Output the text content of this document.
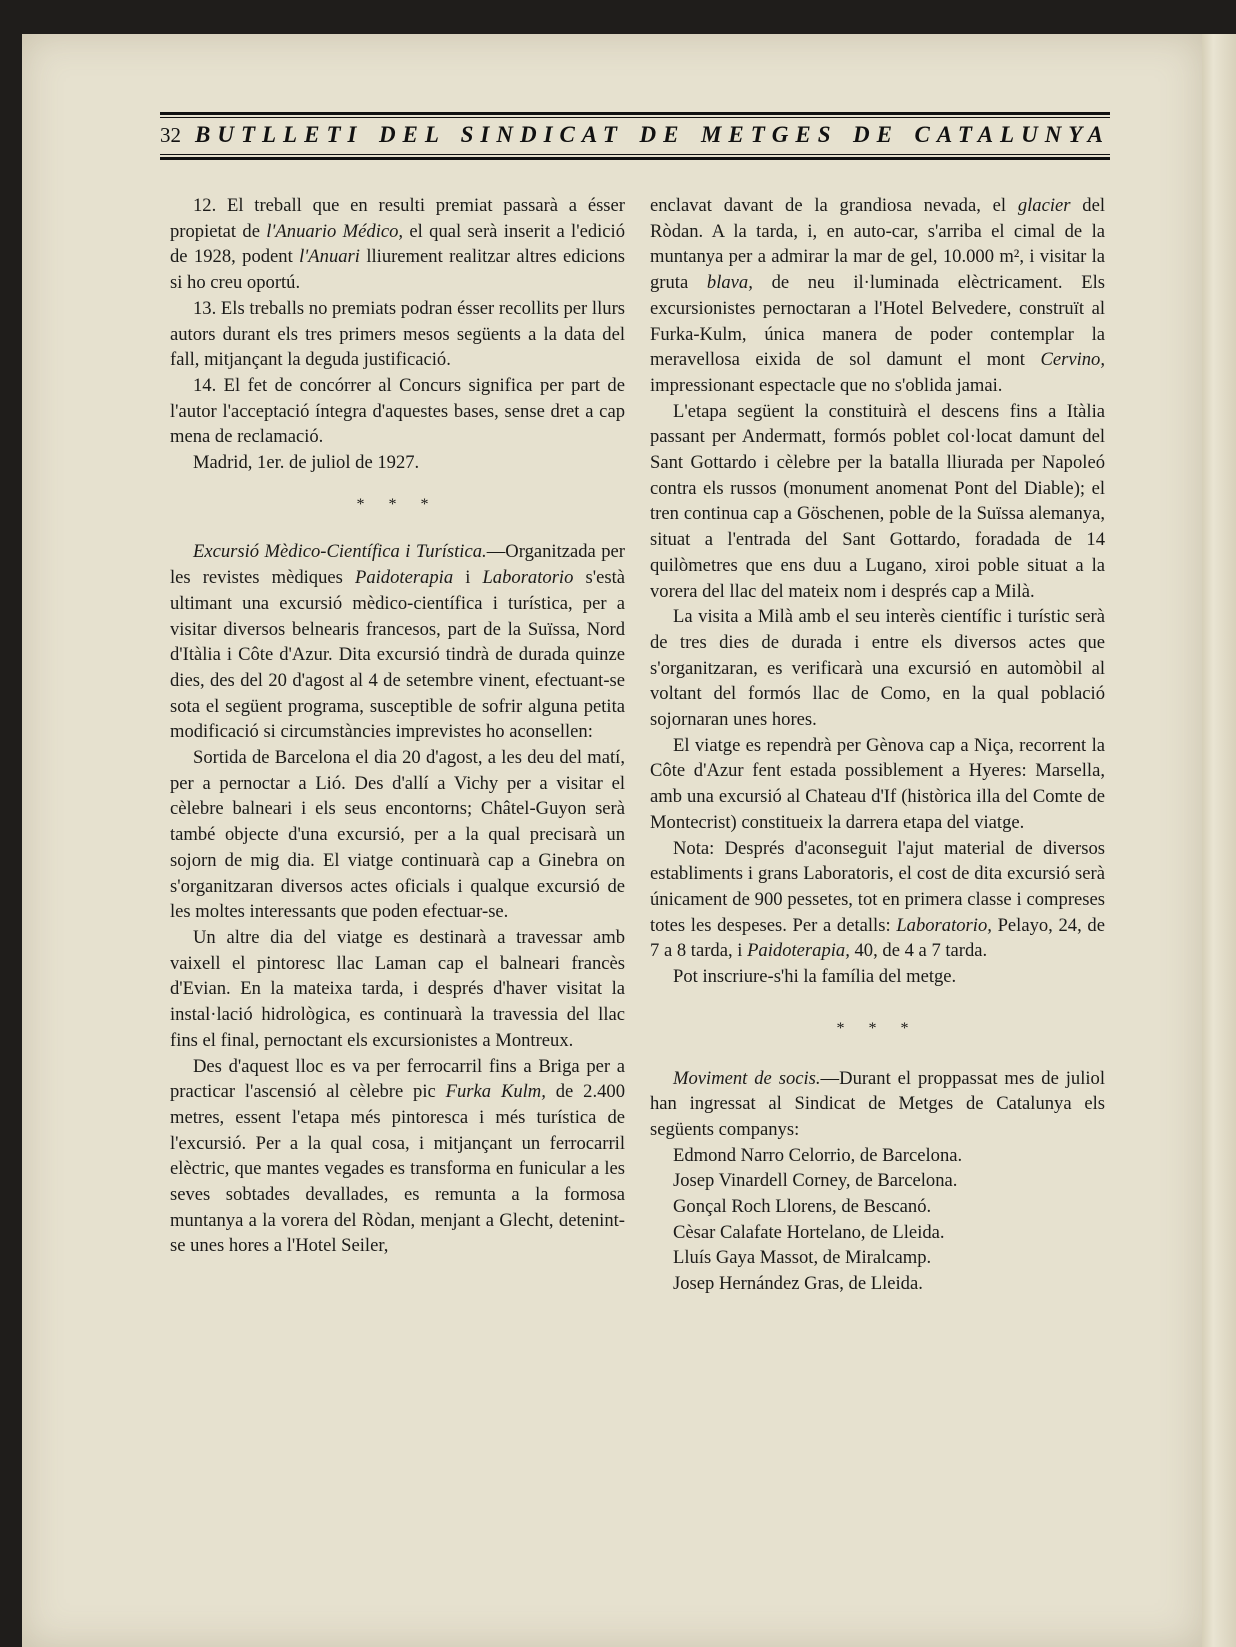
32 BUTLLETI DEL SINDICAT DE METGES DE CATALUNYA

12. El treball que en resulti premiat passarà a ésser propietat de l'Anuario Médico, el qual serà inserit a l'edició de 1928, podent l'Anuari lliurement realitzar altres edicions si ho creu oportú.

13. Els treballs no premiats podran ésser recollits per llurs autors durant els tres primers mesos següents a la data del fall, mitjançant la deguda justificació.

14. El fet de concórrer al Concurs significa per part de l'autor l'acceptació íntegra d'aquestes bases, sense dret a cap mena de reclamació.

Madrid, 1er. de juliol de 1927.

* * *

Excursió Mèdico-Científica i Turística.—Organitzada per les revistes mèdiques Paidoterapia i Laboratorio s'està ultimant una excursió mèdico-científica i turística, per a visitar diversos belnearis francesos, part de la Suïssa, Nord d'Itàlia i Côte d'Azur. Dita excursió tindrà de durada quinze dies, des del 20 d'agost al 4 de setembre vinent, efectuant-se sota el següent programa, susceptible de sofrir alguna petita modificació si circumstàncies imprevistes ho aconsellen:

Sortida de Barcelona el dia 20 d'agost, a les deu del matí, per a pernoctar a Lió. Des d'allí a Vichy per a visitar el cèlebre balneari i els seus encontorns; Châtel-Guyon serà també objecte d'una excursió, per a la qual precisarà un sojorn de mig dia. El viatge continuarà cap a Ginebra on s'organitzaran diversos actes oficials i qualque excursió de les moltes interessants que poden efectuar-se.

Un altre dia del viatge es destinarà a travessar amb vaixell el pintoresc llac Laman cap el balneari francès d'Evian. En la mateixa tarda, i després d'haver visitat la instal·lació hidrològica, es continuarà la travessia del llac fins el final, pernoctant els excursionistes a Montreux.

Des d'aquest lloc es va per ferrocarril fins a Briga per a practicar l'ascensió al cèlebre pic Furka Kulm, de 2.400 metres, essent l'etapa més pintoresca i més turística de l'excursió. Per a la qual cosa, i mitjançant un ferrocarril elèctric, que mantes vegades es transforma en funicular a les seves sobtades devallades, es remunta a la formosa muntanya a la vorera del Ròdan, menjant a Glecht, detenint-se unes hores a l'Hotel Seiler,

enclavat davant de la grandiosa nevada, el glacier del Ròdan. A la tarda, i, en auto-car, s'arriba el cimal de la muntanya per a admirar la mar de gel, 10.000 m², i visitar la gruta blava, de neu il·luminada elèctricament. Els excursionistes pernoctaran a l'Hotel Belvedere, construït al Furka-Kulm, única manera de poder contemplar la meravellosa eixida de sol damunt el mont Cervino, impressionant espectacle que no s'oblida jamai.

L'etapa següent la constituirà el descens fins a Itàlia passant per Andermatt, formós poblet col·locat damunt del Sant Gottardo i cèlebre per la batalla lliurada per Napoleó contra els russos (monument anomenat Pont del Diable); el tren continua cap a Göschenen, poble de la Suïssa alemanya, situat a l'entrada del Sant Gottardo, foradada de 14 quilòmetres que ens duu a Lugano, xiroi poble situat a la vorera del llac del mateix nom i després cap a Milà.

La visita a Milà amb el seu interès científic i turístic serà de tres dies de durada i entre els diversos actes que s'organitzaran, es verificarà una excursió en automòbil al voltant del formós llac de Como, en la qual població sojornaran unes hores.

El viatge es rependrà per Gènova cap a Niça, recorrent la Côte d'Azur fent estada possiblement a Hyeres: Marsella, amb una excursió al Chateau d'If (històrica illa del Comte de Montecrist) constitueix la darrera etapa del viatge.

Nota: Després d'aconseguit l'ajut material de diversos establiments i grans Laboratoris, el cost de dita excursió serà únicament de 900 pessetes, tot en primera classe i compreses totes les despeses. Per a detalls: Laboratorio, Pelayo, 24, de 7 a 8 tarda, i Paidoterapia, 40, de 4 a 7 tarda.

Pot inscriure-s'hi la família del metge.

* * *

Moviment de socis.—Durant el proppassat mes de juliol han ingressat al Sindicat de Metges de Catalunya els següents companys:

Edmond Narro Celorrio, de Barcelona.
Josep Vinardell Corney, de Barcelona.
Gonçal Roch Llorens, de Bescanó.
Cèsar Calafate Hortelano, de Lleida.
Lluís Gaya Massot, de Miralcamp.
Josep Hernández Gras, de Lleida.
